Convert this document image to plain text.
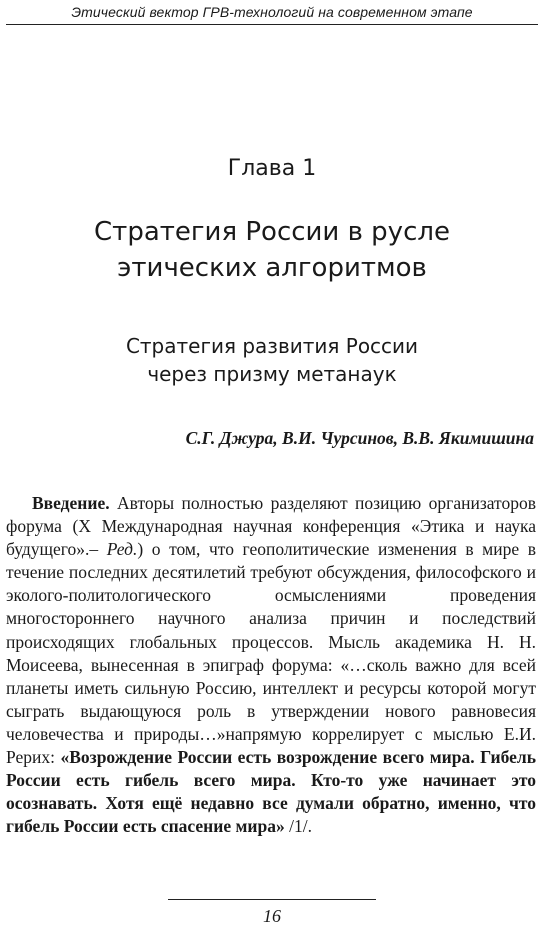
Этический вектор ГРВ-технологий на современном этапе
Глава 1
Стратегия России в русле
этических алгоритмов
Стратегия развития России
через призму метанаук
С.Г. Джура, В.И. Чурсинов, В.В. Якимишина

Введение. Авторы полностью разделяют позицию организаторов форума (X Международная научная конференция «Этика и наука будущего».– Ред.) о том, что геополитические изменения в мире в течение последних десятилетий требуют обсуждения, философского и эколого-политологического осмыслениями проведения многостороннего научного анализа причин и последствий происходящих глобальных процессов. Мысль академика Н. Н. Моисеева, вынесенная в эпиграф форума: «…сколь важно для всей планеты иметь сильную Россию, интеллект и ресурсы которой могут сыграть выдающуюся роль в утверждении нового равновесия человечества и природы…»напрямую коррелирует с мыслью Е.И. Рерих: «Возрождение России есть возрождение всего мира. Гибель России есть гибель всего мира. Кто-то уже начинает это осознавать. Хотя ещё недавно все думали обратно, именно, что гибель России есть спасение мира» /1/.

16
